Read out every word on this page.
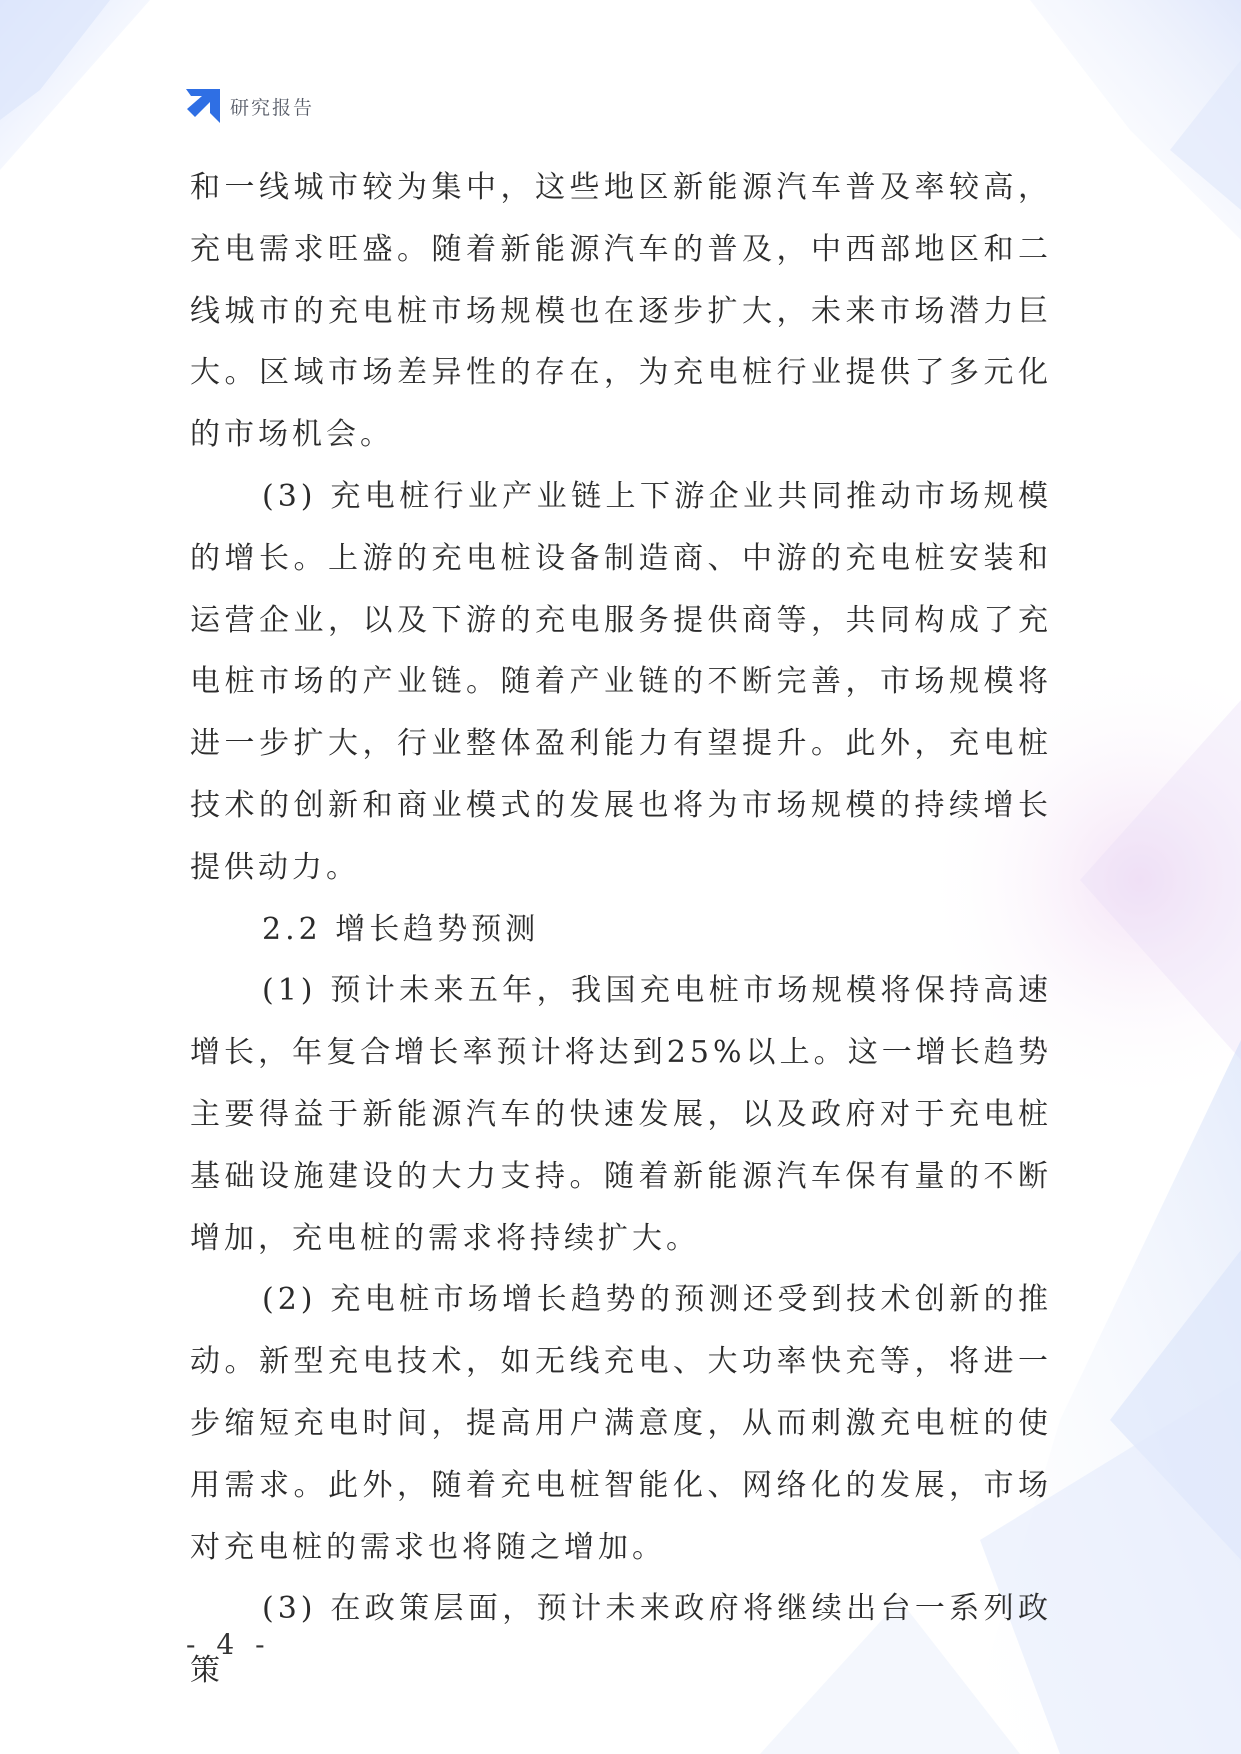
研究报告

和一线城市较为集中，这些地区新能源汽车普及率较高，充电需求旺盛。随着新能源汽车的普及，中西部地区和二线城市的充电桩市场规模也在逐步扩大，未来市场潜力巨大。区域市场差异性的存在，为充电桩行业提供了多元化的市场机会。

(3) 充电桩行业产业链上下游企业共同推动市场规模的增长。上游的充电桩设备制造商、中游的充电桩安装和运营企业，以及下游的充电服务提供商等，共同构成了充电桩市场的产业链。随着产业链的不断完善，市场规模将进一步扩大，行业整体盈利能力有望提升。此外，充电桩技术的创新和商业模式的发展也将为市场规模的持续增长提供动力。

2.2 增长趋势预测

(1) 预计未来五年，我国充电桩市场规模将保持高速增长，年复合增长率预计将达到25%以上。这一增长趋势主要得益于新能源汽车的快速发展，以及政府对于充电桩基础设施建设的大力支持。随着新能源汽车保有量的不断增加，充电桩的需求将持续扩大。

(2) 充电桩市场增长趋势的预测还受到技术创新的推动。新型充电技术，如无线充电、大功率快充等，将进一步缩短充电时间，提高用户满意度，从而刺激充电桩的使用需求。此外，随着充电桩智能化、网络化的发展，市场对充电桩的需求也将随之增加。

(3) 在政策层面，预计未来政府将继续出台一系列政策

- 4 -
